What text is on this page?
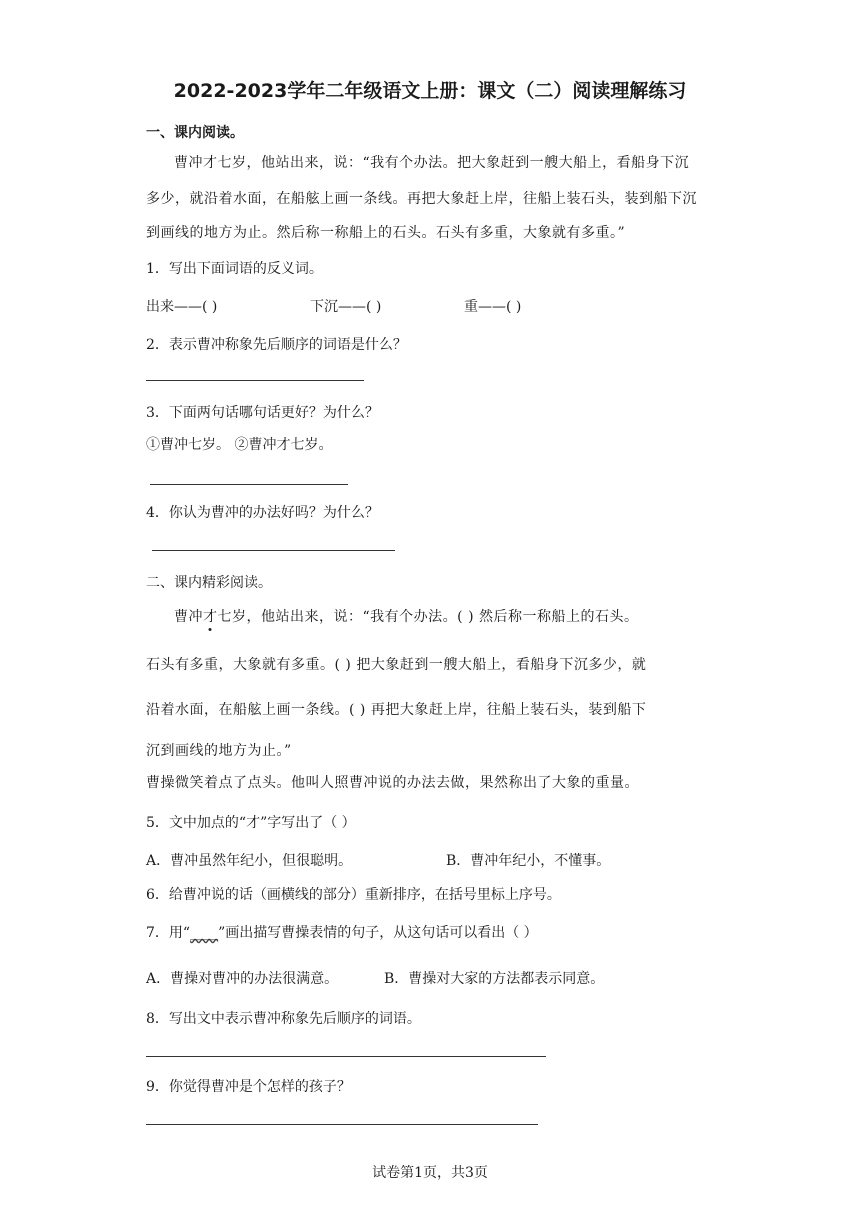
2022-2023学年二年级语文上册：课文（二）阅读理解练习
一、课内阅读。
曹冲才七岁，他站出来，说：“我有个办法。把大象赶到一艘大船上，看船身下沉
多少，就沿着水面，在船舷上画一条线。再把大象赶上岸，往船上装石头，装到船下沉
到画线的地方为止。然后称一称船上的石头。石头有多重，大象就有多重。”
1．写出下面词语的反义词。
出来——( )	下沉——( )	重——( )
2．表示曹冲称象先后顺序的词语是什么？
3．下面两句话哪句话更好？为什么？
①曹冲七岁。 ②曹冲才七岁。
4．你认为曹冲的办法好吗？为什么？
二、课内精彩阅读。
曹冲才七岁，他站出来，说：“我有个办法。( ) 然后称一称船上的石头。
石头有多重，大象就有多重。( ) 把大象赶到一艘大船上，看船身下沉多少，就
沿着水面，在船舷上画一条线。( ) 再把大象赶上岸，往船上装石头，装到船下
沉到画线的地方为止。”
曹操微笑着点了点头。他叫人照曹冲说的办法去做，果然称出了大象的重量。
5．文中加点的“才”字写出了（ ）
A．曹冲虽然年纪小，但很聪明。	B．曹冲年纪小，不懂事。
6．给曹冲说的话（画横线的部分）重新排序，在括号里标上序号。
7．用“____”画出描写曹操表情的句子，从这句话可以看出（ ）
A．曹操对曹冲的办法很满意。	B．曹操对大家的方法都表示同意。
8．写出文中表示曹冲称象先后顺序的词语。
9．你觉得曹冲是个怎样的孩子？
试卷第1页，共3页
